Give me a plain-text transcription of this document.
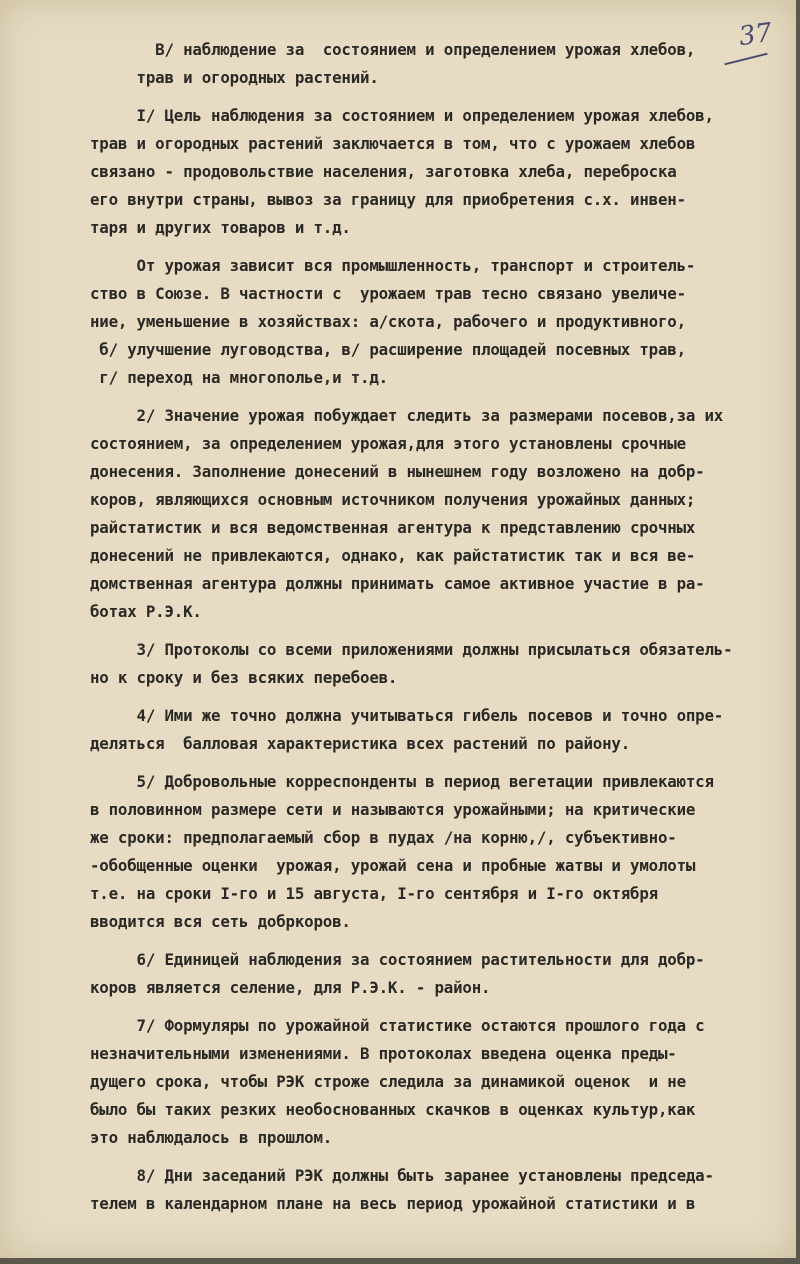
37

В/ наблюдение за  состоянием и определением урожая хлебов,

трав и огородных растений.

I/ Цель наблюдения за состоянием и определением урожая хлебов,

трав и огородных растений заключается в том, что с урожаем хлебов

связано - продовольствие населения, заготовка хлеба, переброска

его внутри страны, вывоз за границу для приобретения с.х. инвен-

таря и других товаров и т.д.

От урожая зависит вся промышленность, транспорт и строитель-

ство в Союзе. В частности с  урожаем трав тесно связано увеличе-

ние, уменьшение в хозяйствах: а/скота, рабочего и продуктивного,

б/ улучшение луговодства, в/ расширение площадей посевных трав,

г/ переход на многополье,и т.д.

2/ Значение урожая побуждает следить за размерами посевов,за их

состоянием, за определением урожая,для этого установлены срочные

донесения. Заполнение донесений в нынешнем году возложено на добр-

коров, являющихся основным источником получения урожайных данных;

райстатистик и вся ведомственная агентура к представлению срочных

донесений не привлекаются, однако, как райстатистик так и вся ве-

домственная агентура должны принимать самое активное участие в ра-

ботах Р.Э.К.

3/ Протоколы со всеми приложениями должны присылаться обязатель-

но к сроку и без всяких перебоев.

4/ Ими же точно должна учитываться гибель посевов и точно опре-

деляться  балловая характеристика всех растений по району.

5/ Добровольные корреспонденты в период вегетации привлекаются

в половинном размере сети и называются урожайными; на критические

же сроки: предполагаемый сбор в пудах /на корню,/, субъективно-

-обобщенные оценки  урожая, урожай сена и пробные жатвы и умолоты

т.е. на сроки I-го и 15 августа, I-го сентября и I-го октября

вводится вся сеть добркоров.

6/ Единицей наблюдения за состоянием растительности для добр-

коров является селение, для Р.Э.К. - район.

7/ Формуляры по урожайной статистике остаются прошлого года с

незначительными изменениями. В протоколах введена оценка преды-

дущего срока, чтобы РЭК строже следила за динамикой оценок  и не

было бы таких резких необоснованных скачков в оценках культур,как

это наблюдалось в прошлом.

8/ Дни заседаний РЭК должны быть заранее установлены председа-

телем в календарном плане на весь период урожайной статистики и в
